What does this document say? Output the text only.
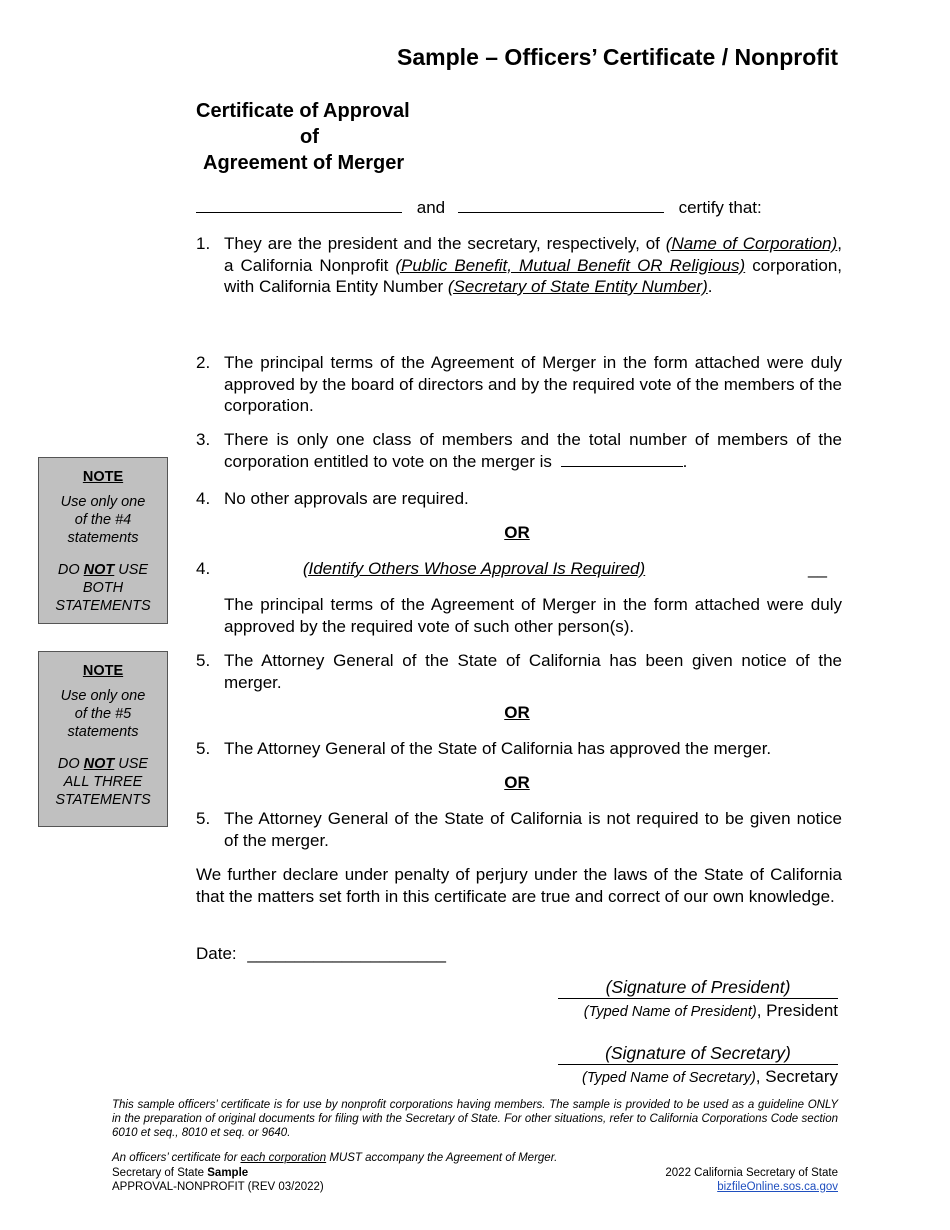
Sample – Officers’ Certificate / Nonprofit
Certificate of Approval
of
Agreement of Merger
and	certify that:
1. They are the president and the secretary, respectively, of (Name of Corporation), a California Nonprofit (Public Benefit, Mutual Benefit OR Religious) corporation, with California Entity Number (Secretary of State Entity Number).
2. The principal terms of the Agreement of Merger in the form attached were duly approved by the board of directors and by the required vote of the members of the corporation.
3. There is only one class of members and the total number of members of the corporation entitled to vote on the merger is	.
4. No other approvals are required.
OR
4.	(Identify Others Whose Approval Is Required)	__
The principal terms of the Agreement of Merger in the form attached were duly approved by the required vote of such other person(s).
5. The Attorney General of the State of California has been given notice of the merger.
OR
5. The Attorney General of the State of California has approved the merger.
OR
5. The Attorney General of the State of California is not required to be given notice of the merger.
We further declare under penalty of perjury under the laws of the State of California that the matters set forth in this certificate are true and correct of our own knowledge.
Date: _____________________
(Signature of President)
(Typed Name of President), President
(Signature of Secretary)
(Typed Name of Secretary), Secretary
NOTE
Use only one
of the #4
statements
DO NOT USE
BOTH
STATEMENTS
NOTE
Use only one
of the #5
statements
DO NOT USE
ALL THREE
STATEMENTS
This sample officers’ certificate is for use by nonprofit corporations having members. The sample is provided to be used as a guideline ONLY in the preparation of original documents for filing with the Secretary of State. For other situations, refer to California Corporations Code section 6010 et seq., 8010 et seq. or 9640.
An officers’ certificate for each corporation MUST accompany the Agreement of Merger.
Secretary of State Sample
APPROVAL-NONPROFIT (REV 03/2022)
2022 California Secretary of State
bizfileOnline.sos.ca.gov
